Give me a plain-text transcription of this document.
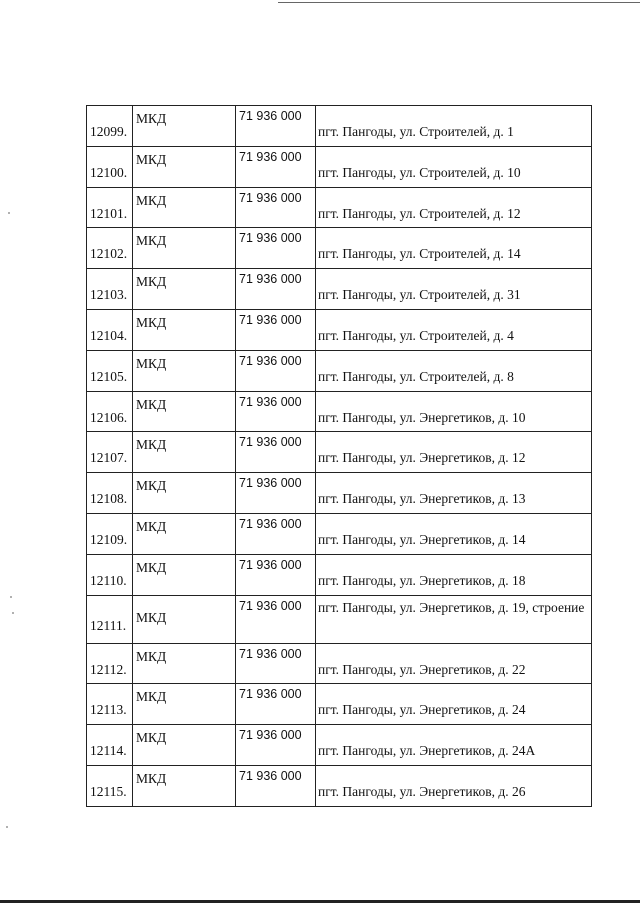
12099.	МКД	71 936 000	пгт. Пангоды, ул. Строителей, д. 1

12100.	МКД	71 936 000	пгт. Пангоды, ул. Строителей, д. 10

12101.	МКД	71 936 000	пгт. Пангоды, ул. Строителей, д. 12

12102.	МКД	71 936 000	пгт. Пангоды, ул. Строителей, д. 14

12103.	МКД	71 936 000	пгт. Пангоды, ул. Строителей, д. 31

12104.	МКД	71 936 000	пгт. Пангоды, ул. Строителей, д. 4

12105.	МКД	71 936 000	пгт. Пангоды, ул. Строителей, д. 8

12106.	МКД	71 936 000	пгт. Пангоды, ул. Энергетиков, д. 10

12107.	МКД	71 936 000	пгт. Пангоды, ул. Энергетиков, д. 12

12108.	МКД	71 936 000	пгт. Пангоды, ул. Энергетиков, д. 13

12109.	МКД	71 936 000	пгт. Пангоды, ул. Энергетиков, д. 14

12110.	МКД	71 936 000	пгт. Пангоды, ул. Энергетиков, д. 18

12111.	МКД	71 936 000	пгт. Пангоды, ул. Энергетиков, д. 19, строение

12112.	МКД	71 936 000	пгт. Пангоды, ул. Энергетиков, д. 22

12113.	МКД	71 936 000	пгт. Пангоды, ул. Энергетиков, д. 24

12114.	МКД	71 936 000	пгт. Пангоды, ул. Энергетиков, д. 24А

12115.	МКД	71 936 000	пгт. Пангоды, ул. Энергетиков, д. 26
